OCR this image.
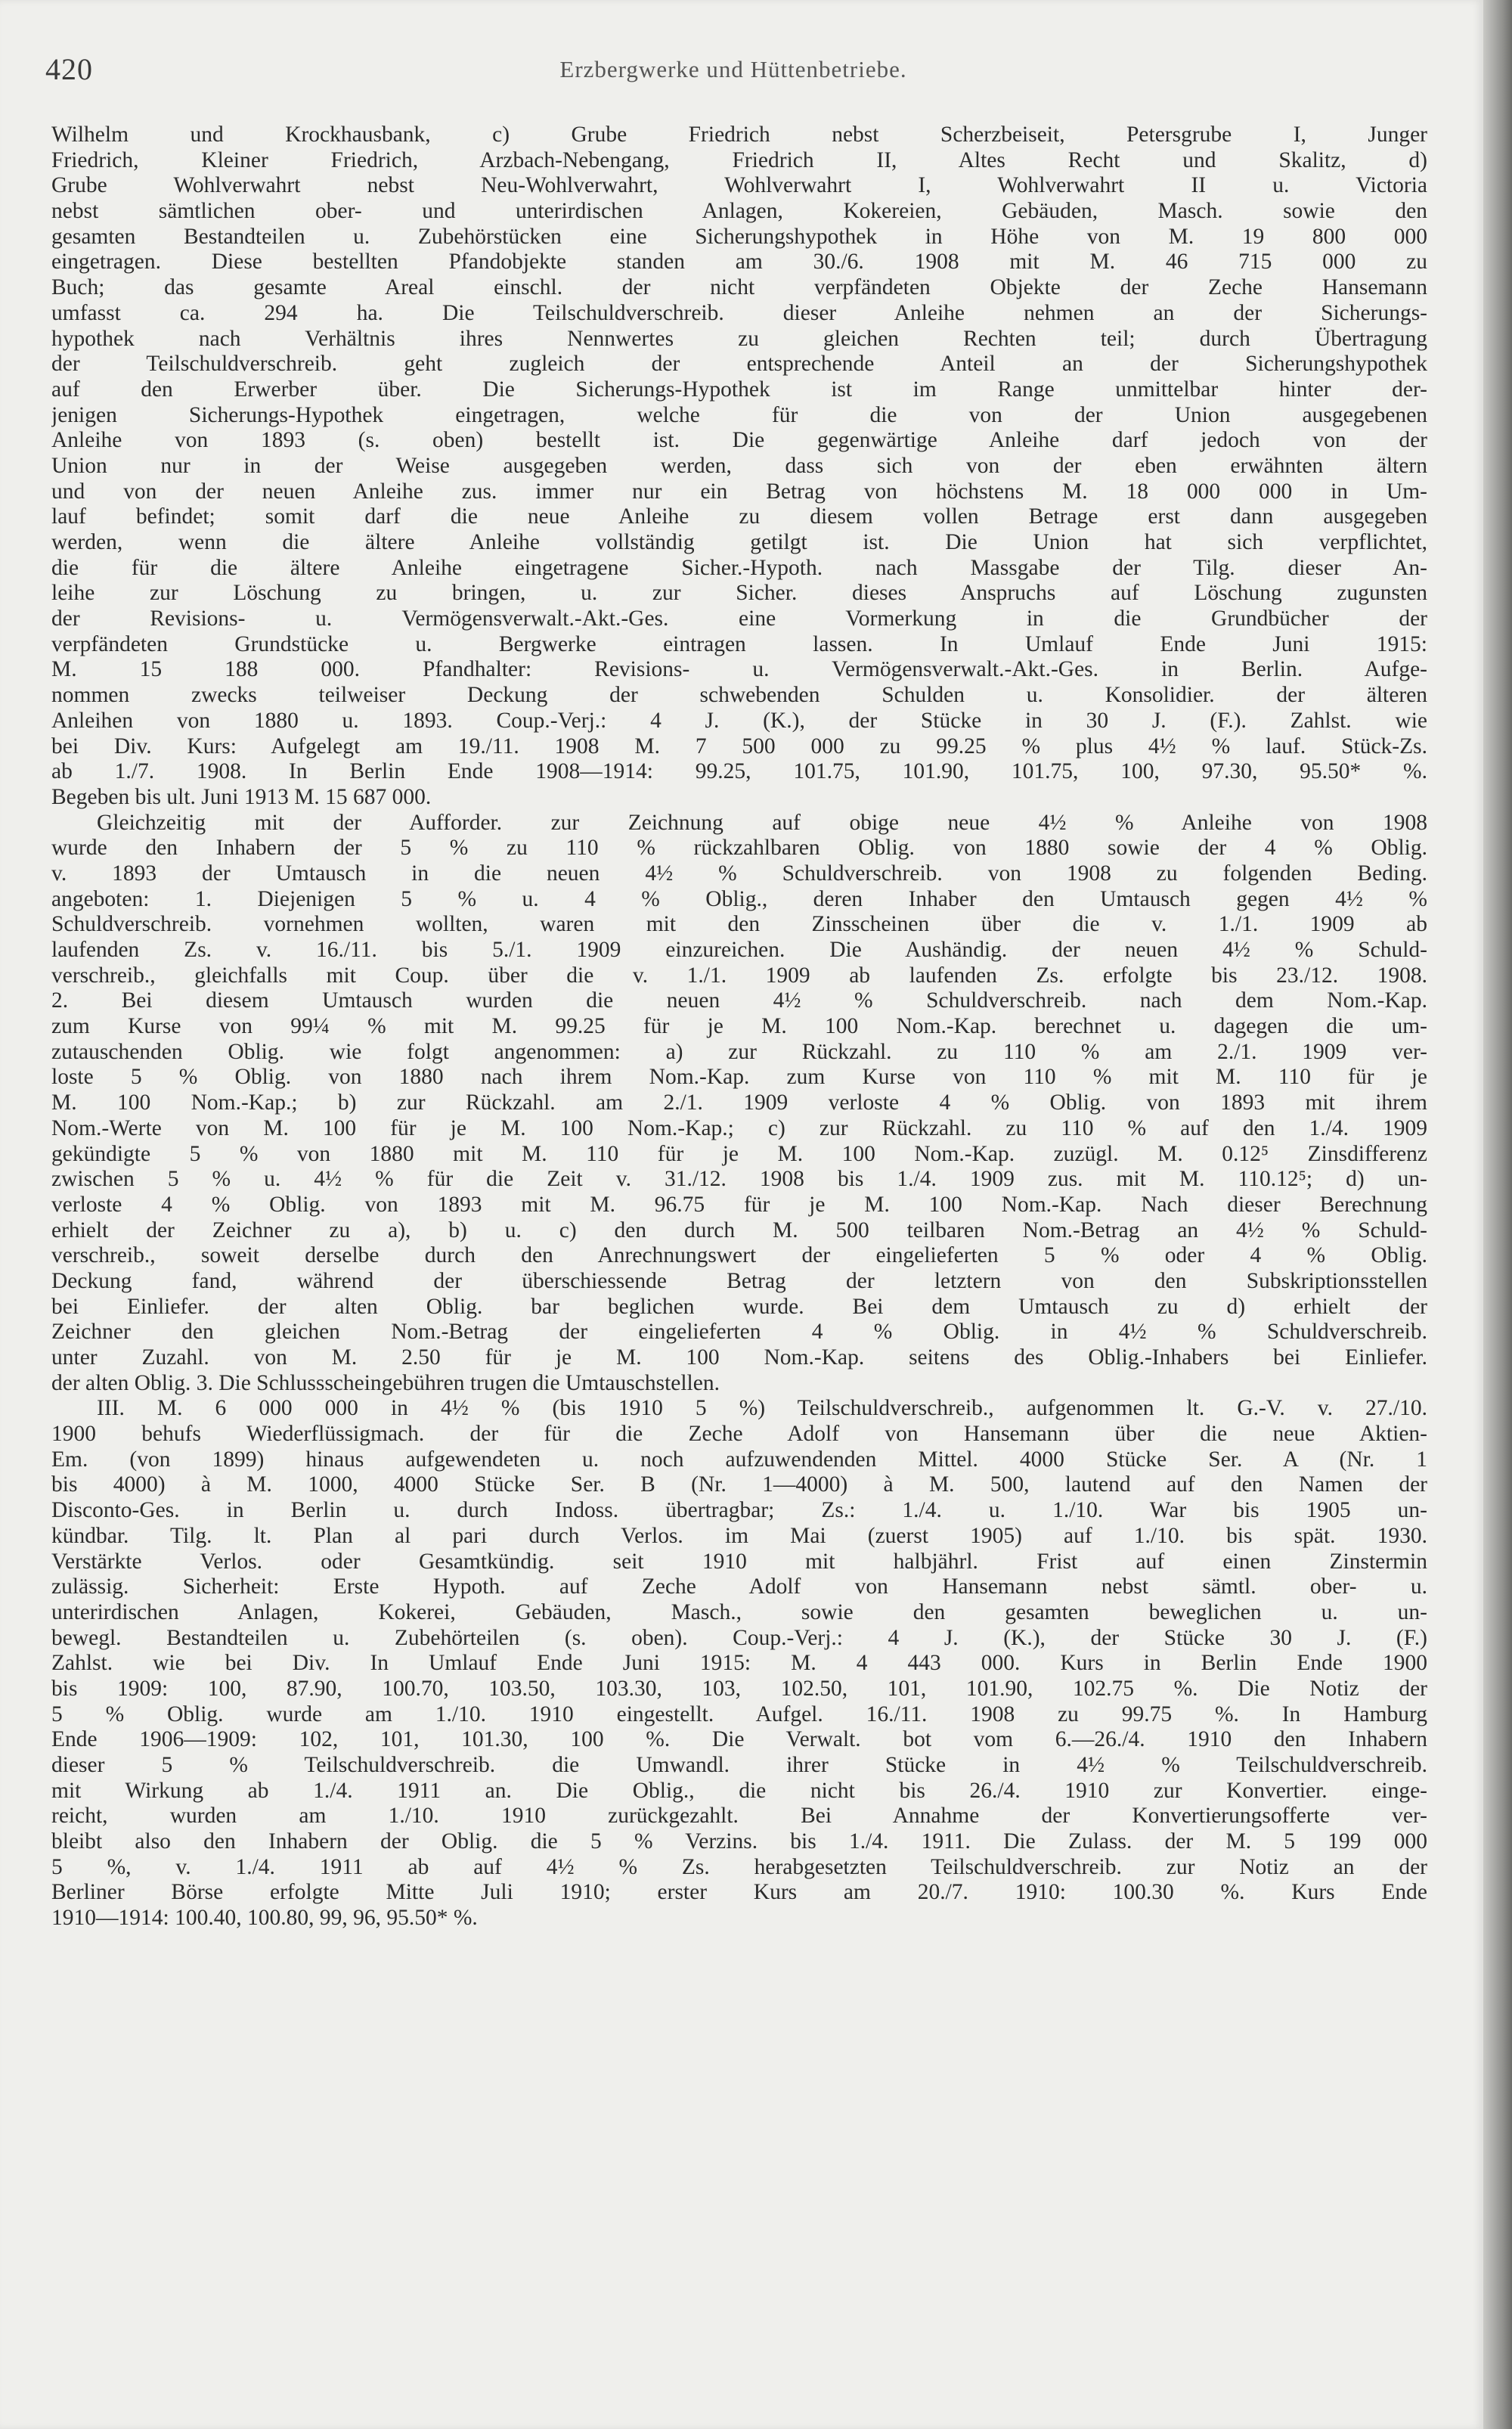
420	Erzbergwerke und Hüttenbetriebe.
Wilhelm und Krockhausbank, c) Grube Friedrich nebst Scherzbeiseit, Petersgrube I, Junger
Friedrich, Kleiner Friedrich, Arzbach-Nebengang, Friedrich II, Altes Recht und Skalitz, d)
Grube Wohlverwahrt nebst Neu-Wohlverwahrt, Wohlverwahrt I, Wohlverwahrt II u. Victoria
nebst sämtlichen ober- und unterirdischen Anlagen, Kokereien, Gebäuden, Masch. sowie den
gesamten Bestandteilen u. Zubehörstücken eine Sicherungshypothek in Höhe von M. 19 800 000
eingetragen. Diese bestellten Pfandobjekte standen am 30./6. 1908 mit M. 46 715 000 zu
Buch; das gesamte Areal einschl. der nicht verpfändeten Objekte der Zeche Hansemann
umfasst ca. 294 ha. Die Teilschuldverschreib. dieser Anleihe nehmen an der Sicherungs-
hypothek nach Verhältnis ihres Nennwertes zu gleichen Rechten teil; durch Übertragung
der Teilschuldverschreib. geht zugleich der entsprechende Anteil an der Sicherungshypothek
auf den Erwerber über. Die Sicherungs-Hypothek ist im Range unmittelbar hinter der-
jenigen Sicherungs-Hypothek eingetragen, welche für die von der Union ausgegebenen
Anleihe von 1893 (s. oben) bestellt ist. Die gegenwärtige Anleihe darf jedoch von der
Union nur in der Weise ausgegeben werden, dass sich von der eben erwähnten ältern
und von der neuen Anleihe zus. immer nur ein Betrag von höchstens M. 18 000 000 in Um-
lauf befindet; somit darf die neue Anleihe zu diesem vollen Betrage erst dann ausgegeben
werden, wenn die ältere Anleihe vollständig getilgt ist. Die Union hat sich verpflichtet,
die für die ältere Anleihe eingetragene Sicher.-Hypoth. nach Massgabe der Tilg. dieser An-
leihe zur Löschung zu bringen, u. zur Sicher. dieses Anspruchs auf Löschung zugunsten
der Revisions- u. Vermögensverwalt.-Akt.-Ges. eine Vormerkung in die Grundbücher der
verpfändeten Grundstücke u. Bergwerke eintragen lassen. In Umlauf Ende Juni 1915:
M. 15 188 000. Pfandhalter: Revisions- u. Vermögensverwalt.-Akt.-Ges. in Berlin. Aufge-
nommen zwecks teilweiser Deckung der schwebenden Schulden u. Konsolidier. der älteren
Anleihen von 1880 u. 1893. Coup.-Verj.: 4 J. (K.), der Stücke in 30 J. (F.). Zahlst. wie
bei Div. Kurs: Aufgelegt am 19./11. 1908 M. 7 500 000 zu 99.25 % plus 4½ % lauf. Stück-Zs.
ab 1./7. 1908. In Berlin Ende 1908—1914: 99.25, 101.75, 101.90, 101.75, 100, 97.30, 95.50* %.
Begeben bis ult. Juni 1913 M. 15 687 000.
Gleichzeitig mit der Aufforder. zur Zeichnung auf obige neue 4½ % Anleihe von 1908
wurde den Inhabern der 5 % zu 110 % rückzahlbaren Oblig. von 1880 sowie der 4 % Oblig.
v. 1893 der Umtausch in die neuen 4½ % Schuldverschreib. von 1908 zu folgenden Beding.
angeboten: 1. Diejenigen 5 % u. 4 % Oblig., deren Inhaber den Umtausch gegen 4½ %
Schuldverschreib. vornehmen wollten, waren mit den Zinsscheinen über die v. 1./1. 1909 ab
laufenden Zs. v. 16./11. bis 5./1. 1909 einzureichen. Die Aushändig. der neuen 4½ % Schuld-
verschreib., gleichfalls mit Coup. über die v. 1./1. 1909 ab laufenden Zs. erfolgte bis 23./12. 1908.
2. Bei diesem Umtausch wurden die neuen 4½ % Schuldverschreib. nach dem Nom.-Kap.
zum Kurse von 99¼ % mit M. 99.25 für je M. 100 Nom.-Kap. berechnet u. dagegen die um-
zutauschenden Oblig. wie folgt angenommen: a) zur Rückzahl. zu 110 % am 2./1. 1909 ver-
loste 5 % Oblig. von 1880 nach ihrem Nom.-Kap. zum Kurse von 110 % mit M. 110 für je
M. 100 Nom.-Kap.; b) zur Rückzahl. am 2./1. 1909 verloste 4 % Oblig. von 1893 mit ihrem
Nom.-Werte von M. 100 für je M. 100 Nom.-Kap.; c) zur Rückzahl. zu 110 % auf den 1./4. 1909
gekündigte 5 % von 1880 mit M. 110 für je M. 100 Nom.-Kap. zuzügl. M. 0.12⁵ Zinsdifferenz
zwischen 5 % u. 4½ % für die Zeit v. 31./12. 1908 bis 1./4. 1909 zus. mit M. 110.12⁵; d) un-
verloste 4 % Oblig. von 1893 mit M. 96.75 für je M. 100 Nom.-Kap. Nach dieser Berechnung
erhielt der Zeichner zu a), b) u. c) den durch M. 500 teilbaren Nom.-Betrag an 4½ % Schuld-
verschreib., soweit derselbe durch den Anrechnungswert der eingelieferten 5 % oder 4 % Oblig.
Deckung fand, während der überschiessende Betrag der letztern von den Subskriptionsstellen
bei Einliefer. der alten Oblig. bar beglichen wurde. Bei dem Umtausch zu d) erhielt der
Zeichner den gleichen Nom.-Betrag der eingelieferten 4 % Oblig. in 4½ % Schuldverschreib.
unter Zuzahl. von M. 2.50 für je M. 100 Nom.-Kap. seitens des Oblig.-Inhabers bei Einliefer.
der alten Oblig. 3. Die Schlussscheingebühren trugen die Umtauschstellen.
III. M. 6 000 000 in 4½ % (bis 1910 5 %) Teilschuldverschreib., aufgenommen lt. G.-V. v. 27./10.
1900 behufs Wiederflüssigmach. der für die Zeche Adolf von Hansemann über die neue Aktien-
Em. (von 1899) hinaus aufgewendeten u. noch aufzuwendenden Mittel. 4000 Stücke Ser. A (Nr. 1
bis 4000) à M. 1000, 4000 Stücke Ser. B (Nr. 1—4000) à M. 500, lautend auf den Namen der
Disconto-Ges. in Berlin u. durch Indoss. übertragbar; Zs.: 1./4. u. 1./10. War bis 1905 un-
kündbar. Tilg. lt. Plan al pari durch Verlos. im Mai (zuerst 1905) auf 1./10. bis spät. 1930.
Verstärkte Verlos. oder Gesamtkündig. seit 1910 mit halbjährl. Frist auf einen Zinstermin
zulässig. Sicherheit: Erste Hypoth. auf Zeche Adolf von Hansemann nebst sämtl. ober- u.
unterirdischen Anlagen, Kokerei, Gebäuden, Masch., sowie den gesamten beweglichen u. un-
bewegl. Bestandteilen u. Zubehörteilen (s. oben). Coup.-Verj.: 4 J. (K.), der Stücke 30 J. (F.)
Zahlst. wie bei Div. In Umlauf Ende Juni 1915: M. 4 443 000. Kurs in Berlin Ende 1900
bis 1909: 100, 87.90, 100.70, 103.50, 103.30, 103, 102.50, 101, 101.90, 102.75 %. Die Notiz der
5 % Oblig. wurde am 1./10. 1910 eingestellt. Aufgel. 16./11. 1908 zu 99.75 %. In Hamburg
Ende 1906—1909: 102, 101, 101.30, 100 %. Die Verwalt. bot vom 6.—26./4. 1910 den Inhabern
dieser 5 % Teilschuldverschreib. die Umwandl. ihrer Stücke in 4½ % Teilschuldverschreib.
mit Wirkung ab 1./4. 1911 an. Die Oblig., die nicht bis 26./4. 1910 zur Konvertier. einge-
reicht, wurden am 1./10. 1910 zurückgezahlt. Bei Annahme der Konvertierungsofferte ver-
bleibt also den Inhabern der Oblig. die 5 % Verzins. bis 1./4. 1911. Die Zulass. der M. 5 199 000
5 %, v. 1./4. 1911 ab auf 4½ % Zs. herabgesetzten Teilschuldverschreib. zur Notiz an der
Berliner Börse erfolgte Mitte Juli 1910; erster Kurs am 20./7. 1910: 100.30 %. Kurs Ende
1910—1914: 100.40, 100.80, 99, 96, 95.50* %.
